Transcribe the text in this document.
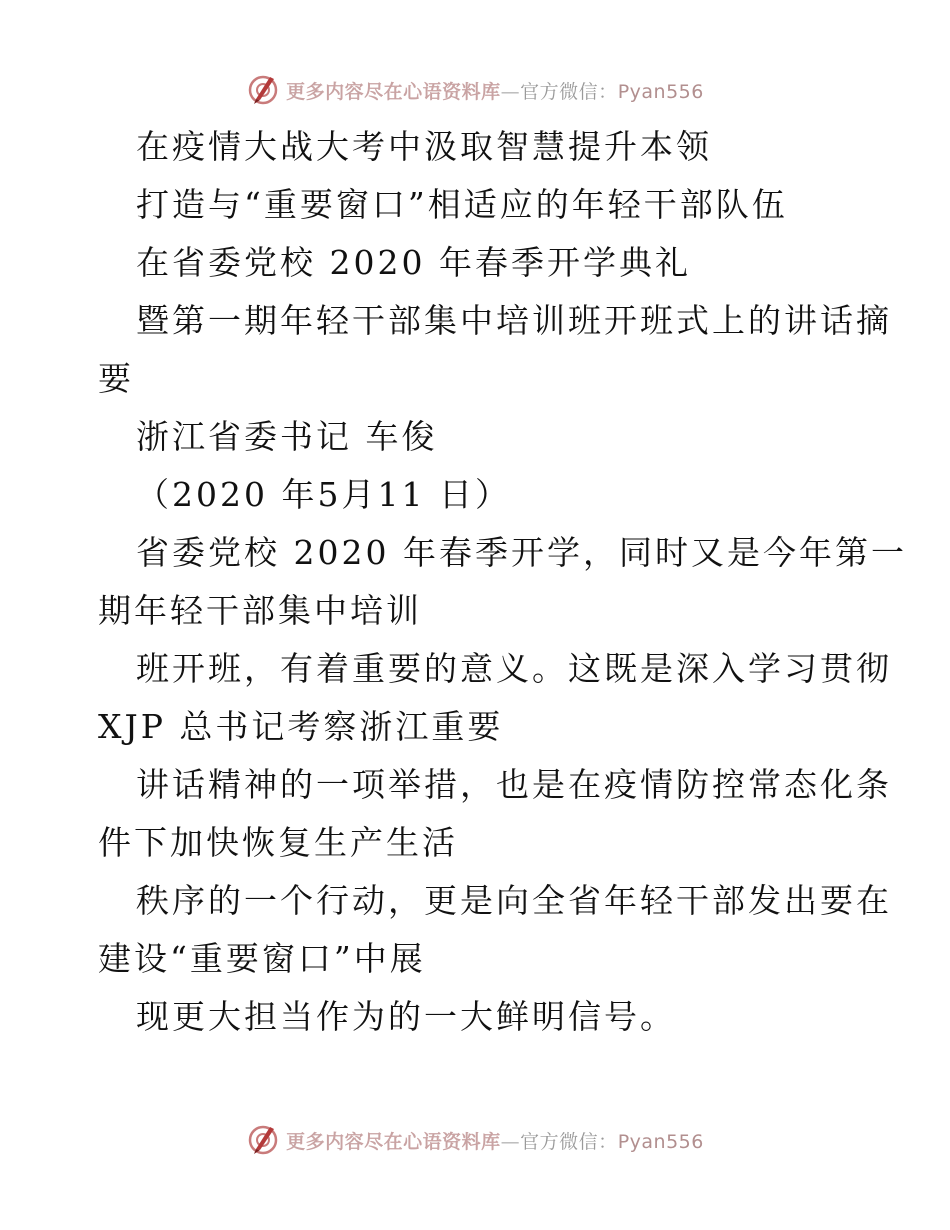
更多内容尽在心语资料库—官方微信：Pyan556
在疫情大战大考中汲取智慧提升本领
打造与“重要窗口”相适应的年轻干部队伍
在省委党校 2020 年春季开学典礼
暨第一期年轻干部集中培训班开班式上的讲话摘
要
浙江省委书记 车俊
（2020 年5月11 日）
省委党校 2020 年春季开学，同时又是今年第一
期年轻干部集中培训
班开班，有着重要的意义。这既是深入学习贯彻
XJP 总书记考察浙江重要
讲话精神的一项举措，也是在疫情防控常态化条
件下加快恢复生产生活
秩序的一个行动，更是向全省年轻干部发出要在
建设“重要窗口”中展
现更大担当作为的一大鲜明信号。
更多内容尽在心语资料库—官方微信：Pyan556
